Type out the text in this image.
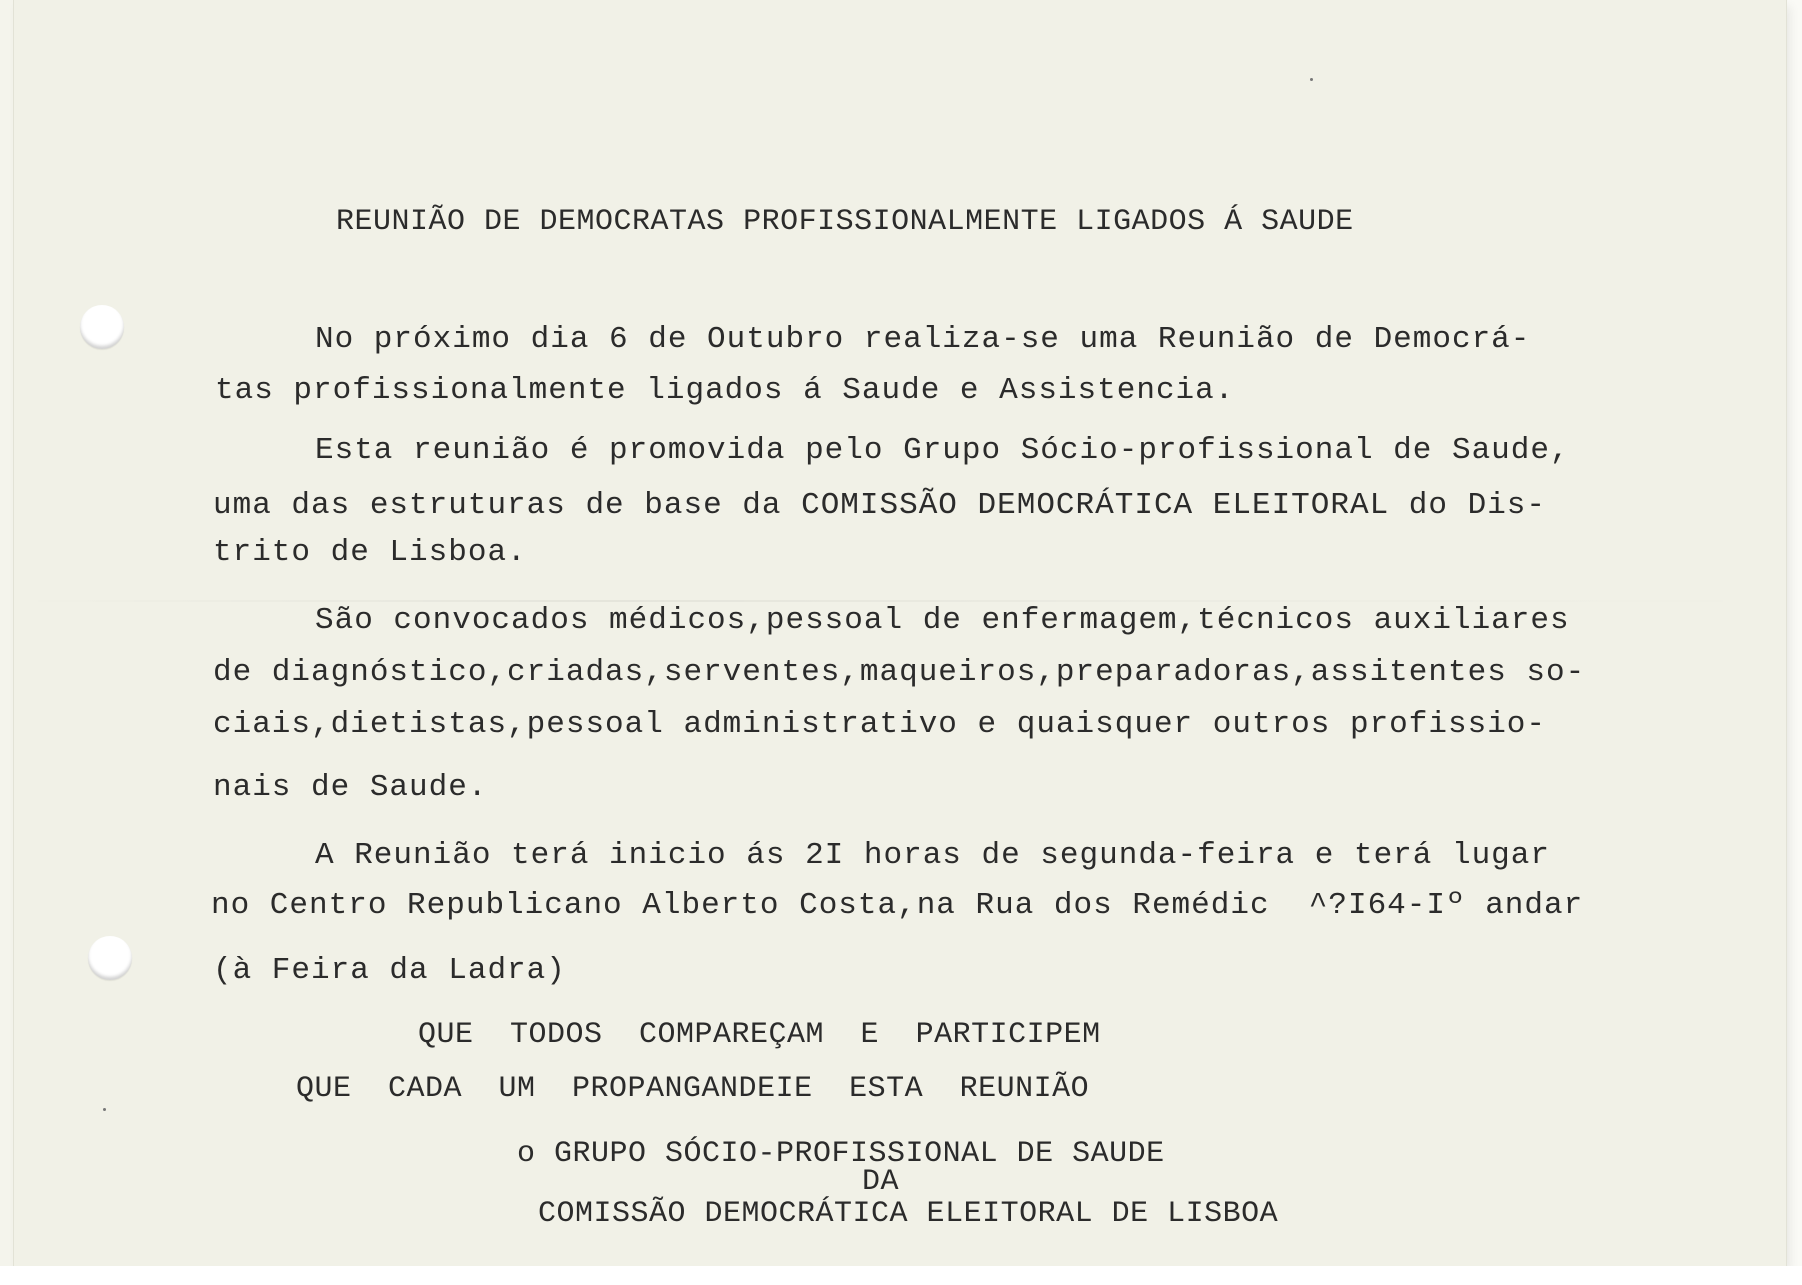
REUNIÃO DE DEMOCRATAS PROFISSIONALMENTE LIGADOS Á SAUDE
No próximo dia 6 de Outubro realiza-se uma Reunião de Democrá-
tas profissionalmente ligados á Saude e Assistencia.
Esta reunião é promovida pelo Grupo Sócio-profissional de Saude,
uma das estruturas de base da COMISSÃO DEMOCRÁTICA ELEITORAL do Dis-
trito de Lisboa.
São convocados médicos,pessoal de enfermagem,técnicos auxiliares
de diagnóstico,criadas,serventes,maqueiros,preparadoras,assitentes so-
ciais,dietistas,pessoal administrativo e quaisquer outros profissio-
nais de Saude.
A Reunião terá inicio ás 2I horas de segunda-feira e terá lugar
no Centro Republicano Alberto Costa,na Rua dos Remédic  ^?I64-Iº andar
(à Feira da Ladra)
QUE TODOS COMPAREÇAM E PARTICIPEM
QUE CADA UM PROPANGANDEIE ESTA REUNIÃO
o GRUPO SÓCIO-PROFISSIONAL DE SAUDE
DA
COMISSÃO DEMOCRÁTICA ELEITORAL DE LISBOA
